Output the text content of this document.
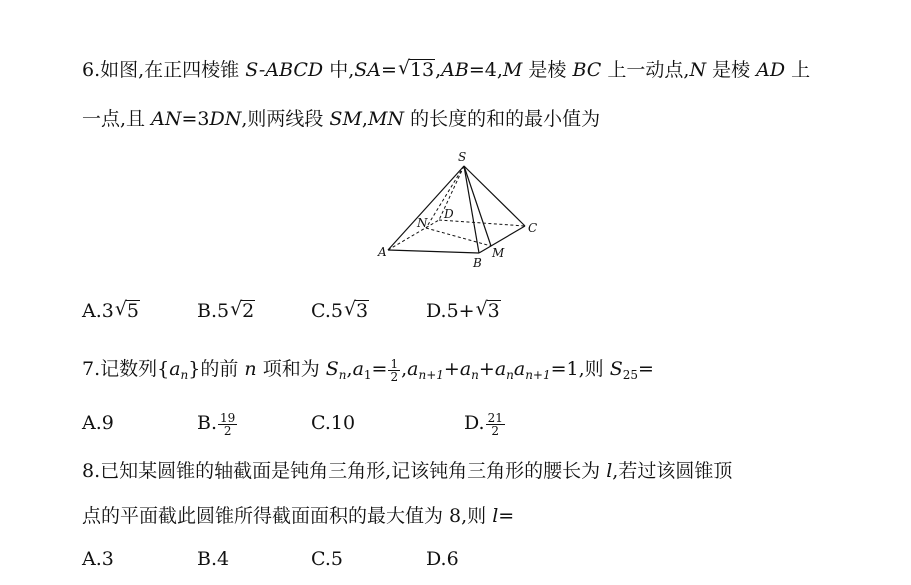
6.如图,在正四棱锥 S-ABCD 中,SA= √ 13,AB=4,M 是棱 BC 上一动点,N 是棱 AD 上
一点,且 AN=3DN,则两线段 SM,MN 的长度的和的最小值为
S
A
B
C
D
N
M
A.3 √ 5	B.5 √ 2	C.5 √ 3	D.5+ √ 3
7.记数列$\{a_n\}$的前 n 项和为 $S_n,a_1= \frac{1}{2} ,a_{n+1}+a_n+a_na_{n+1}=1$,则 $S_{25}=$
A.9	B. $\frac{19}{2}$	C.10	D. $\frac{21}{2}$
8.已知某圆锥的轴截面是钝角三角形,记该钝角三角形的腰长为 l,若过该圆锥顶
点的平面截此圆锥所得截面面积的最大值为 8,则 l=
A.3	B.4	C.5	D.6
